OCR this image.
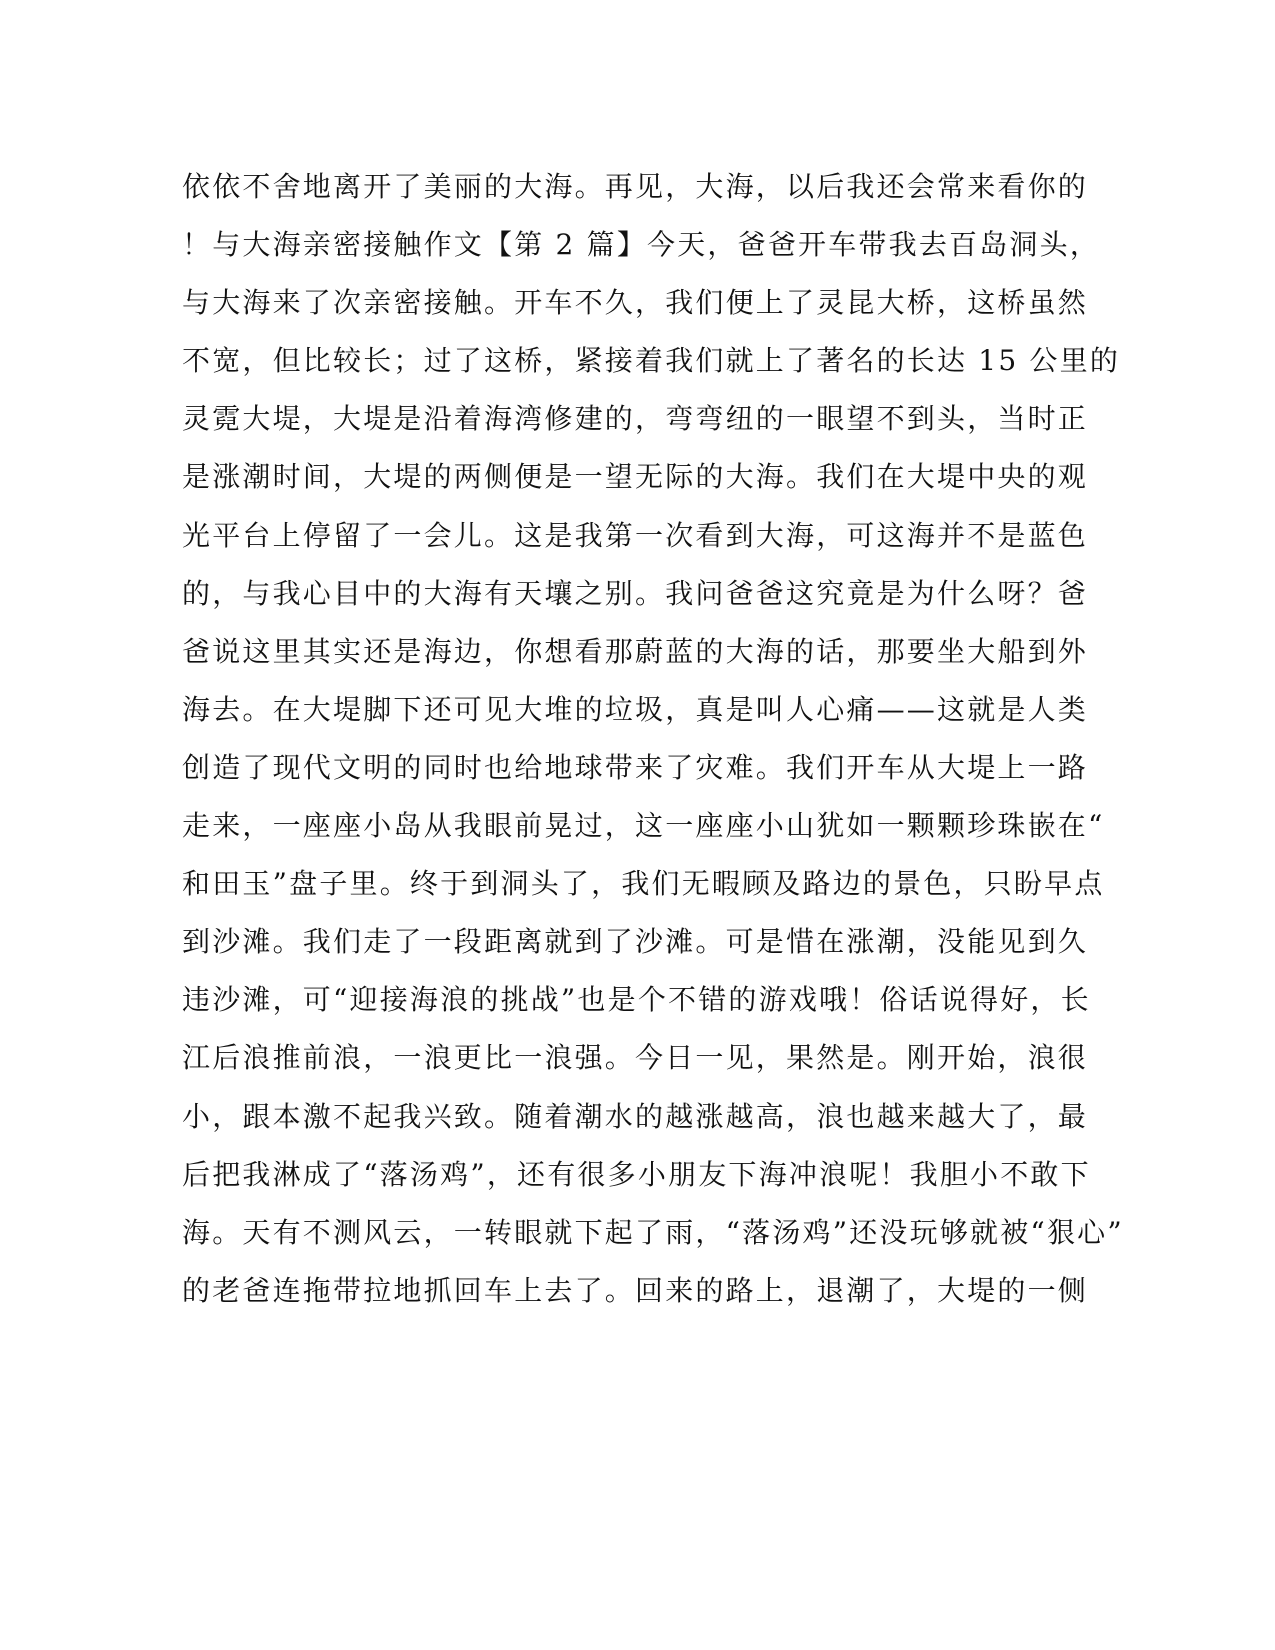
依依不舍地离开了美丽的大海。再见，大海，以后我还会常来看你的
！与大海亲密接触作文【第 2 篇】今天，爸爸开车带我去百岛洞头，
与大海来了次亲密接触。开车不久，我们便上了灵昆大桥，这桥虽然
不宽，但比较长；过了这桥，紧接着我们就上了著名的长达 15 公里的
灵霓大堤，大堤是沿着海湾修建的，弯弯纽的一眼望不到头，当时正
是涨潮时间，大堤的两侧便是一望无际的大海。我们在大堤中央的观
光平台上停留了一会儿。这是我第一次看到大海，可这海并不是蓝色
的，与我心目中的大海有天壤之别。我问爸爸这究竟是为什么呀？爸
爸说这里其实还是海边，你想看那蔚蓝的大海的话，那要坐大船到外
海去。在大堤脚下还可见大堆的垃圾，真是叫人心痛——这就是人类
创造了现代文明的同时也给地球带来了灾难。我们开车从大堤上一路
走来，一座座小岛从我眼前晃过，这一座座小山犹如一颗颗珍珠嵌在“
和田玉”盘子里。终于到洞头了，我们无暇顾及路边的景色，只盼早点
到沙滩。我们走了一段距离就到了沙滩。可是惜在涨潮，没能见到久
违沙滩，可“迎接海浪的挑战”也是个不错的游戏哦！俗话说得好，长
江后浪推前浪，一浪更比一浪强。今日一见，果然是。刚开始，浪很
小，跟本激不起我兴致。随着潮水的越涨越高，浪也越来越大了，最
后把我淋成了“落汤鸡”，还有很多小朋友下海冲浪呢！我胆小不敢下
海。天有不测风云，一转眼就下起了雨，“落汤鸡”还没玩够就被“狠心”
的老爸连拖带拉地抓回车上去了。回来的路上，退潮了，大堤的一侧
